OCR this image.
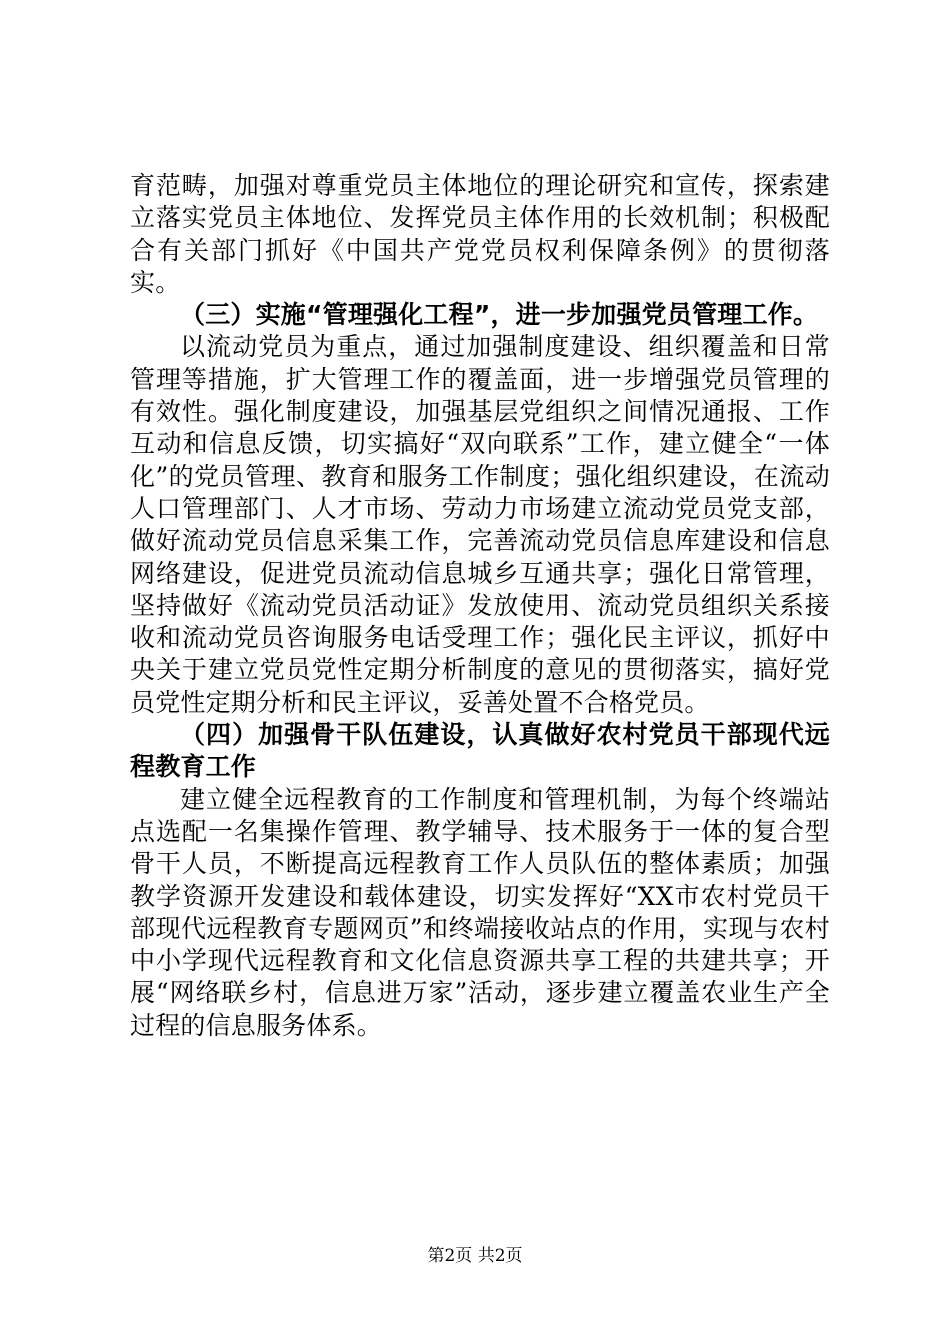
育范畴，加强对尊重党员主体地位的理论研究和宣传，探索建立落实党员主体地位、发挥党员主体作用的长效机制；积极配合有关部门抓好《中国共产党党员权利保障条例》的贯彻落实。

（三）实施“管理强化工程”，进一步加强党员管理工作。

以流动党员为重点，通过加强制度建设、组织覆盖和日常管理等措施，扩大管理工作的覆盖面，进一步增强党员管理的有效性。强化制度建设，加强基层党组织之间情况通报、工作互动和信息反馈，切实搞好“双向联系”工作，建立健全“一体化”的党员管理、教育和服务工作制度；强化组织建设，在流动人口管理部门、人才市场、劳动力市场建立流动党员党支部，做好流动党员信息采集工作，完善流动党员信息库建设和信息网络建设，促进党员流动信息城乡互通共享；强化日常管理，坚持做好《流动党员活动证》发放使用、流动党员组织关系接收和流动党员咨询服务电话受理工作；强化民主评议，抓好中央关于建立党员党性定期分析制度的意见的贯彻落实，搞好党员党性定期分析和民主评议，妥善处置不合格党员。

（四）加强骨干队伍建设，认真做好农村党员干部现代远程教育工作

建立健全远程教育的工作制度和管理机制，为每个终端站点选配一名集操作管理、教学辅导、技术服务于一体的复合型骨干人员，不断提高远程教育工作人员队伍的整体素质；加强教学资源开发建设和载体建设，切实发挥好“XX市农村党员干部现代远程教育专题网页”和终端接收站点的作用，实现与农村中小学现代远程教育和文化信息资源共享工程的共建共享；开展“网络联乡村，信息进万家”活动，逐步建立覆盖农业生产全过程的信息服务体系。

第2页 共2页
